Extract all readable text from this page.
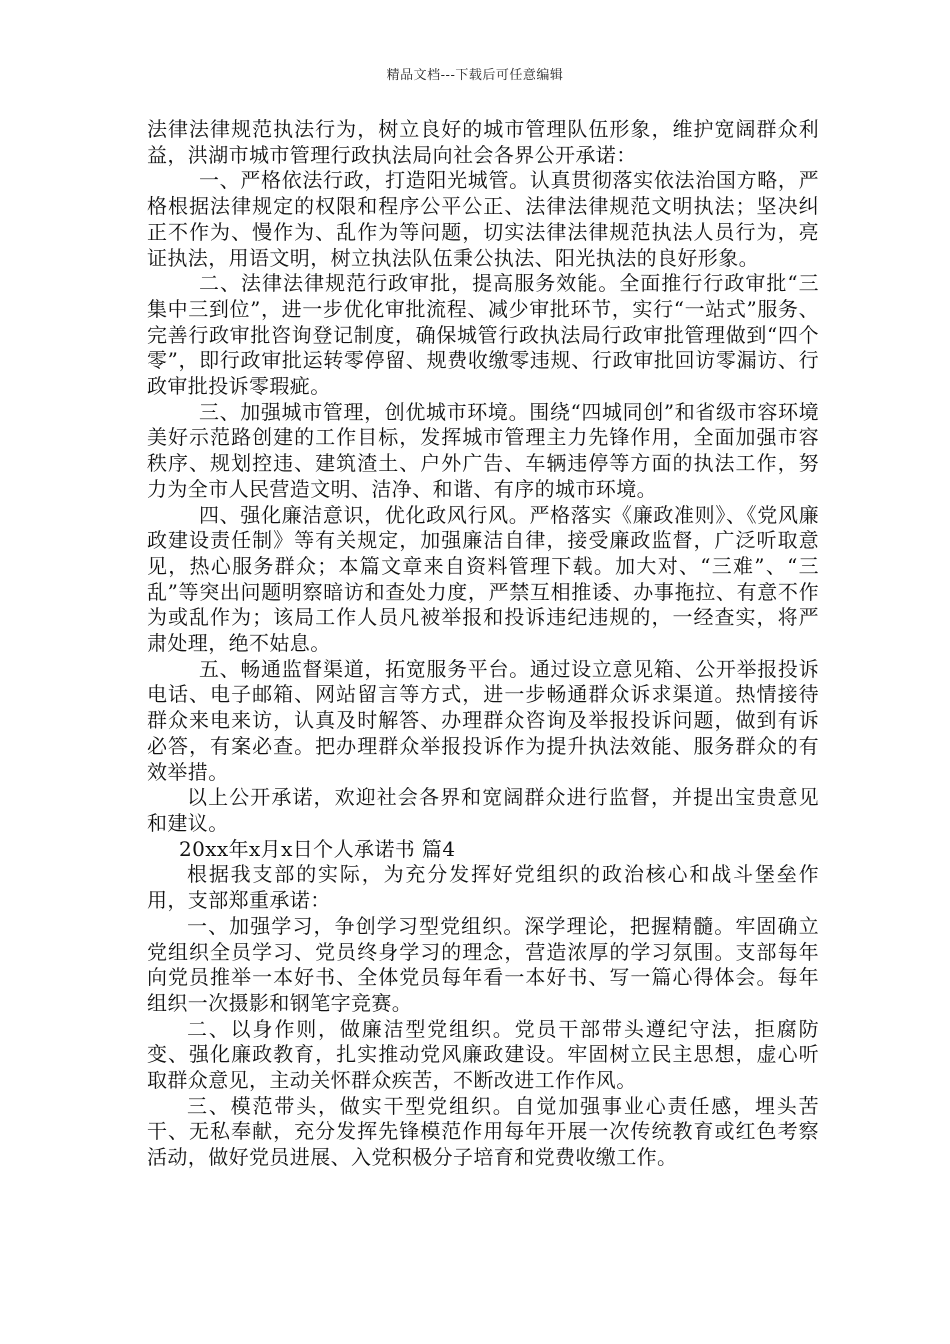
精品文档---下载后可任意编辑

法律法律规范执法行为，树立良好的城市管理队伍形象，维护宽阔群众利益，洪湖市城市管理行政执法局向社会各界公开承诺：

一、严格依法行政，打造阳光城管。认真贯彻落实依法治国方略，严格根据法律规定的权限和程序公平公正、法律法律规范文明执法；坚决纠正不作为、慢作为、乱作为等问题，切实法律法律规范执法人员行为，亮证执法，用语文明，树立执法队伍秉公执法、阳光执法的良好形象。

二、法律法律规范行政审批，提高服务效能。全面推行行政审批“三集中三到位”，进一步优化审批流程、减少审批环节，实行“一站式”服务、完善行政审批咨询登记制度，确保城管行政执法局行政审批管理做到“四个零”，即行政审批运转零停留、规费收缴零违规、行政审批回访零漏访、行政审批投诉零瑕疵。

三、加强城市管理，创优城市环境。围绕“四城同创”和省级市容环境美好示范路创建的工作目标，发挥城市管理主力先锋作用，全面加强市容秩序、规划控违、建筑渣土、户外广告、车辆违停等方面的执法工作，努力为全市人民营造文明、洁净、和谐、有序的城市环境。

四、强化廉洁意识，优化政风行风。严格落实《廉政准则》、《党风廉政建设责任制》等有关规定，加强廉洁自律，接受廉政监督，广泛听取意见，热心服务群众；本篇文章来自资料管理下载。加大对、“三难”、“三乱”等突出问题明察暗访和查处力度，严禁互相推诿、办事拖拉、有意不作为或乱作为；该局工作人员凡被举报和投诉违纪违规的，一经查实，将严肃处理，绝不姑息。

五、畅通监督渠道，拓宽服务平台。通过设立意见箱、公开举报投诉电话、电子邮箱、网站留言等方式，进一步畅通群众诉求渠道。热情接待群众来电来访，认真及时解答、办理群众咨询及举报投诉问题，做到有诉必答，有案必查。把办理群众举报投诉作为提升执法效能、服务群众的有效举措。

以上公开承诺，欢迎社会各界和宽阔群众进行监督，并提出宝贵意见和建议。

20xx年x月x日个人承诺书 篇4

根据我支部的实际，为充分发挥好党组织的政治核心和战斗堡垒作用，支部郑重承诺：

一、加强学习，争创学习型党组织。深学理论，把握精髓。牢固确立党组织全员学习、党员终身学习的理念，营造浓厚的学习氛围。支部每年向党员推举一本好书、全体党员每年看一本好书、写一篇心得体会。每年组织一次摄影和钢笔字竞赛。

二、以身作则，做廉洁型党组织。党员干部带头遵纪守法，拒腐防变、强化廉政教育，扎实推动党风廉政建设。牢固树立民主思想，虚心听取群众意见，主动关怀群众疾苦，不断改进工作作风。

三、模范带头，做实干型党组织。自觉加强事业心责任感，埋头苦干、无私奉献，充分发挥先锋模范作用每年开展一次传统教育或红色考察活动，做好党员进展、入党积极分子培育和党费收缴工作。
